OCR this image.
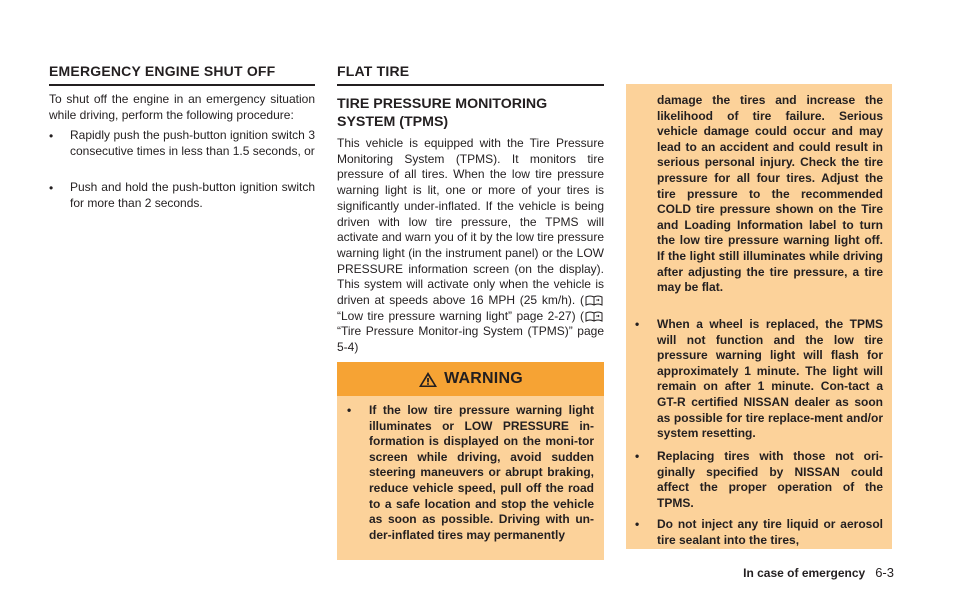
EMERGENCY ENGINE SHUT OFF
To shut off the engine in an emergency situation while driving, perform the following procedure:
• Rapidly push the push-button ignition switch 3 consecutive times in less than 1.5 seconds, or
• Push and hold the push-button ignition switch for more than 2 seconds.
FLAT TIRE
TIRE PRESSURE MONITORING SYSTEM (TPMS)
This vehicle is equipped with the Tire Pressure Monitoring System (TPMS). It monitors tire pressure of all tires. When the low tire pressure warning light is lit, one or more of your tires is significantly under-inflated. If the vehicle is being driven with low tire pressure, the TPMS will activate and warn you of it by the low tire pressure warning light (in the instrument panel) or the LOW PRESSURE information screen (on the display). This system will activate only when the vehicle is driven at speeds above 16 MPH (25 km/h). (“Low tire pressure warning light” page 2-27) (“Tire Pressure Monitor-ing System (TPMS)” page 5-4)
WARNING
• If the low tire pressure warning light illuminates or LOW PRESSURE in-formation is displayed on the moni-tor screen while driving, avoid sudden steering maneuvers or abrupt braking, reduce vehicle speed, pull off the road to a safe location and stop the vehicle as soon as possible. Driving with un-der-inflated tires may permanently
damage the tires and increase the likelihood of tire failure. Serious vehicle damage could occur and may lead to an accident and could result in serious personal injury. Check the tire pressure for all four tires. Adjust the tire pressure to the recommended COLD tire pressure shown on the Tire and Loading Information label to turn the low tire pressure warning light off. If the light still illuminates while driving after adjusting the tire pressure, a tire may be flat.
• When a wheel is replaced, the TPMS will not function and the low tire pressure warning light will flash for approximately 1 minute. The light will remain on after 1 minute. Con-tact a GT-R certified NISSAN dealer as soon as possible for tire replace-ment and/or system resetting.
• Replacing tires with those not ori-ginally specified by NISSAN could affect the proper operation of the TPMS.
• Do not inject any tire liquid or aerosol tire sealant into the tires,
In case of emergency 6-3
